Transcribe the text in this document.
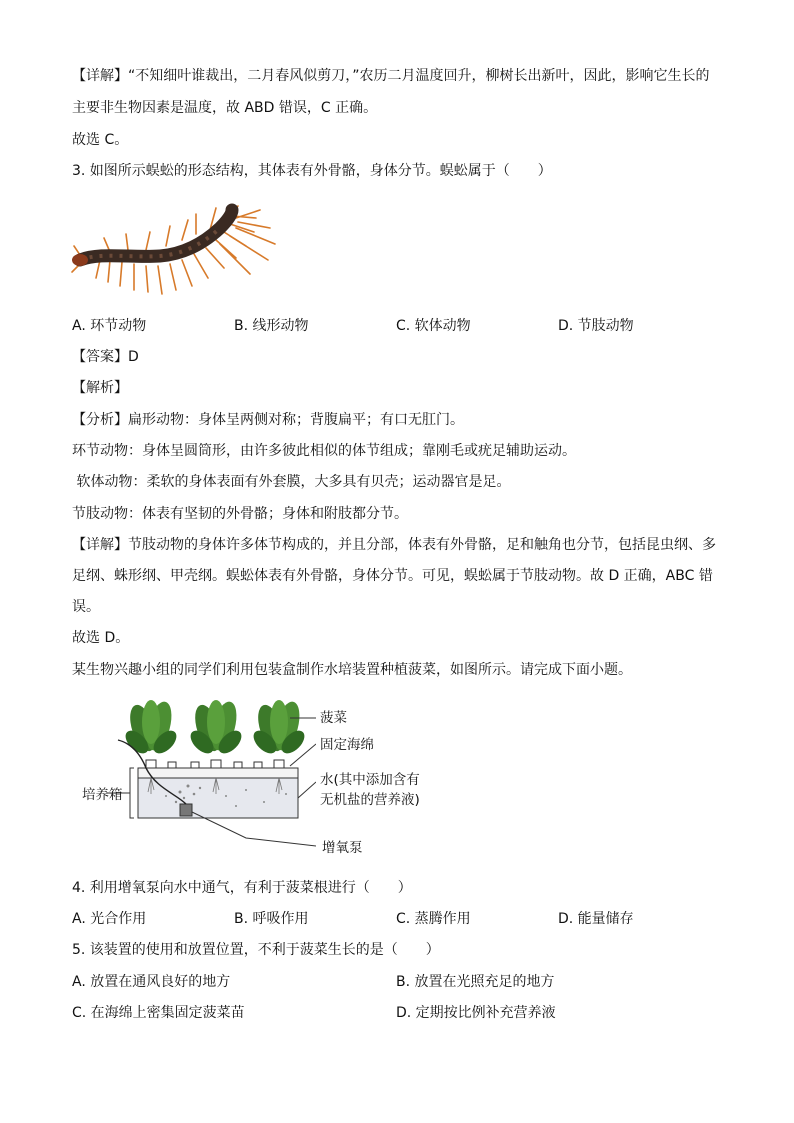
【详解】“不知细叶谁裁出，二月春风似剪刀，”农历二月温度回升，柳树长出新叶，因此，影响它生长的
主要非生物因素是温度，故 ABD 错误，C 正确。
故选 C。
3. 如图所示蜈蚣的形态结构，其体表有外骨骼，身体分节。蜈蚣属于（　　）
A. 环节动物	B. 线形动物	C. 软体动物	D. 节肢动物
【答案】D
【解析】
【分析】扁形动物：身体呈两侧对称；背腹扁平；有口无肛门。
环节动物：身体呈圆筒形，由许多彼此相似的体节组成；靠刚毛或疣足辅助运动。
软体动物：柔软的身体表面有外套膜，大多具有贝壳；运动器官是足。
节肢动物：体表有坚韧的外骨骼；身体和附肢都分节。
【详解】节肢动物的身体许多体节构成的，并且分部，体表有外骨骼，足和触角也分节，包括昆虫纲、多
足纲、蛛形纲、甲壳纲。蜈蚣体表有外骨骼，身体分节。可见，蜈蚣属于节肢动物。故 D 正确，ABC 错
误。
故选 D。
某生物兴趣小组的同学们利用包装盒制作水培装置种植菠菜，如图所示。请完成下面小题。
菠菜
固定海绵
水(其中添加含有
无机盐的营养液)
培养箱
增氧泵
4. 利用增氧泵向水中通气，有利于菠菜根进行（　　）
A. 光合作用	B. 呼吸作用	C. 蒸腾作用	D. 能量储存
5. 该装置的使用和放置位置，不利于菠菜生长的是（　　）
A. 放置在通风良好的地方	B. 放置在光照充足的地方
C. 在海绵上密集固定菠菜苗	D. 定期按比例补充营养液
